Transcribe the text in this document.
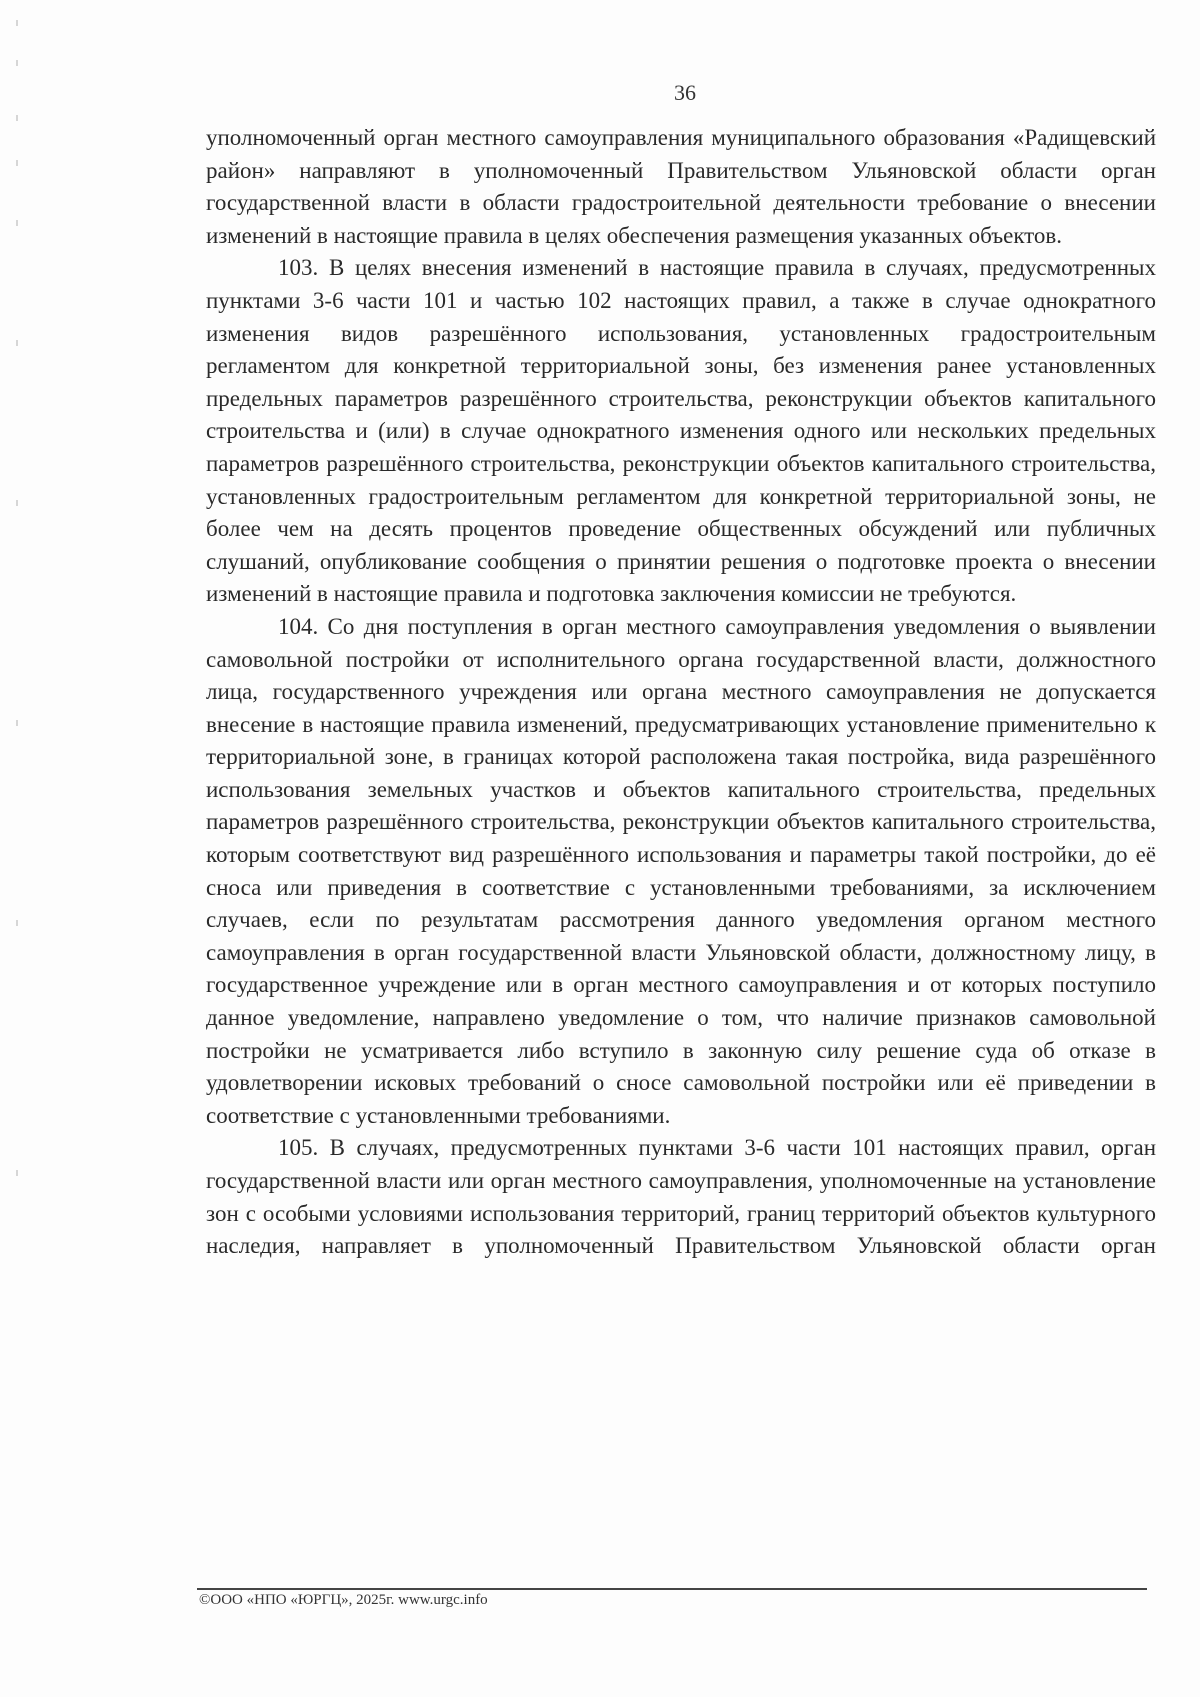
36

уполномоченный орган местного самоуправления муниципального образования «Радищевский район» направляют в уполномоченный Правительством Ульяновской области орган государственной власти в области градостроительной деятельности требование о внесении изменений в настоящие правила в целях обеспечения размещения указанных объектов.

103. В целях внесения изменений в настоящие правила в случаях, предусмотренных пунктами 3-6 части 101 и частью 102 настоящих правил, а также в случае однократного изменения видов разрешённого использования, установленных градостроительным регламентом для конкретной территориальной зоны, без изменения ранее установленных предельных параметров разрешённого строительства, реконструкции объектов капитального строительства и (или) в случае однократного изменения одного или нескольких предельных параметров разрешённого строительства, реконструкции объектов капитального строительства, установленных градостроительным регламентом для конкретной территориальной зоны, не более чем на десять процентов проведение общественных обсуждений или публичных слушаний, опубликование сообщения о принятии решения о подготовке проекта о внесении изменений в настоящие правила и подготовка заключения комиссии не требуются.

104. Со дня поступления в орган местного самоуправления уведомления о выявлении самовольной постройки от исполнительного органа государственной власти, должностного лица, государственного учреждения или органа местного самоуправления не допускается внесение в настоящие правила изменений, предусматривающих установление применительно к территориальной зоне, в границах которой расположена такая постройка, вида разрешённого использования земельных участков и объектов капитального строительства, предельных параметров разрешённого строительства, реконструкции объектов капитального строительства, которым соответствуют вид разрешённого использования и параметры такой постройки, до её сноса или приведения в соответствие с установленными требованиями, за исключением случаев, если по результатам рассмотрения данного уведомления органом местного самоуправления в орган государственной власти Ульяновской области, должностному лицу, в государственное учреждение или в орган местного самоуправления и от которых поступило данное уведомление, направлено уведомление о том, что наличие признаков самовольной постройки не усматривается либо вступило в законную силу решение суда об отказе в удовлетворении исковых требований о сносе самовольной постройки или её приведении в соответствие с установленными требованиями.

105. В случаях, предусмотренных пунктами 3-6 части 101 настоящих правил, орган государственной власти или орган местного самоуправления, уполномоченные на установление зон с особыми условиями использования территорий, границ территорий объектов культурного наследия, направляет в уполномоченный Правительством Ульяновской области орган

©ООО «НПО «ЮРГЦ», 2025г. www.urgc.info
